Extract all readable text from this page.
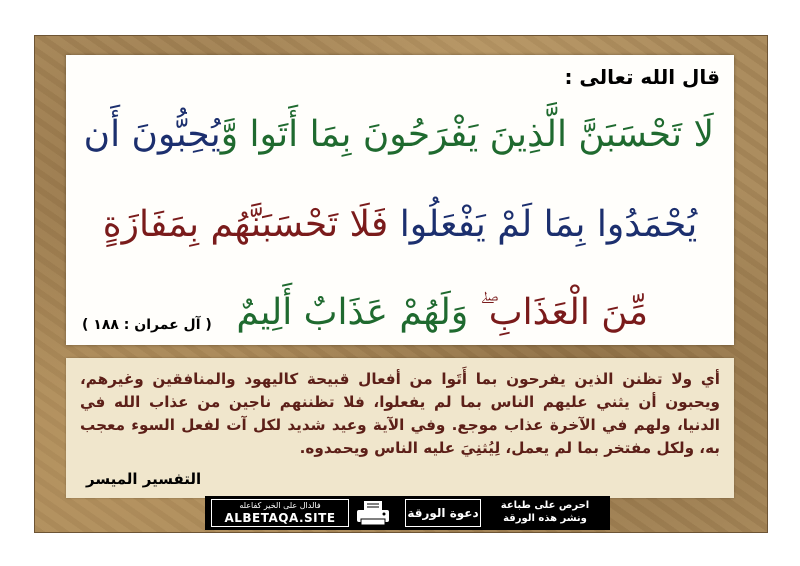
قال الله تعالى :
لَا تَحْسَبَنَّ الَّذِينَ يَفْرَحُونَ بِمَا أَتَوا وَّيُحِبُّونَ أَن
يُحْمَدُوا بِمَا لَمْ يَفْعَلُوا فَلَا تَحْسَبَنَّهُم بِمَفَازَةٍ
مِّنَ الْعَذَابِ ۖ وَلَهُمْ عَذَابٌ أَلِيمٌ
( آل عمران : ١٨٨ )
أي ولا تظنن الذين يفرحون بما أَتَوا من أفعال قبيحة كاليهود والمنافقين وغيرهم، ويحبون أن يثني عليهم الناس بما لم يفعلوا، فلا تظننهم ناجين من عذاب الله في الدنيا، ولهم في الآخرة عذاب موجع. وفي الآية وعيد شديد لكل آت لفعل السوء معجب به، ولكل مفتخر بما لم يعمل، لِيُثنِيَ عليه الناس ويحمدوه.
التفسير الميسر
فالدال على الخير كفاعله
ALBETAQA.SITE	دعوة الورقة
احرص على طباعة
ونشر هذه الورقة
